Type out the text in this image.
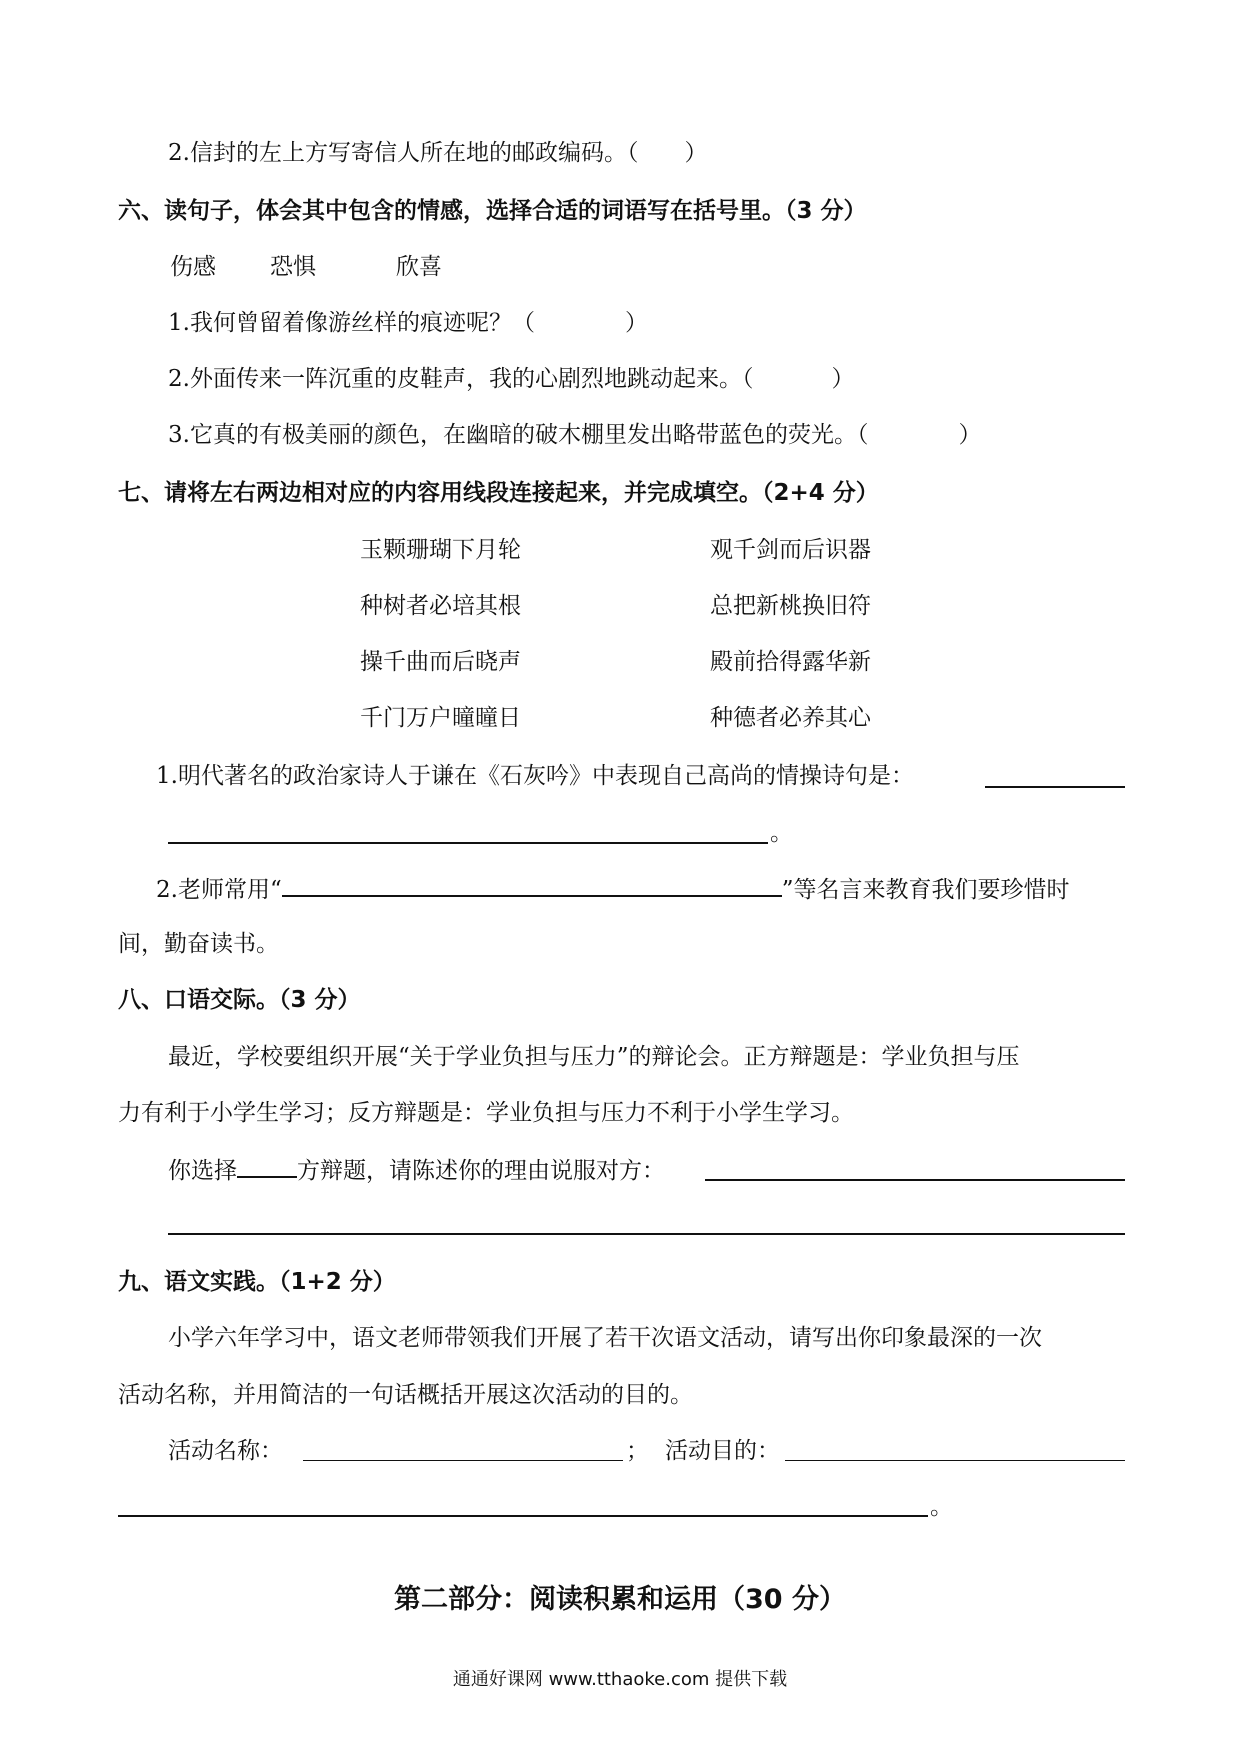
2.信封的左上方写寄信人所在地的邮政编码。（　　）
六、读句子，体会其中包含的情感，选择合适的词语写在括号里。（3 分）
伤感 恐惧	欣喜
1.我何曾留着像游丝样的痕迹呢？（	）
2.外面传来一阵沉重的皮鞋声，我的心剧烈地跳动起来。（	）
3.它真的有极美丽的颜色，在幽暗的破木棚里发出略带蓝色的荧光。（	）
七、请将左右两边相对应的内容用线段连接起来，并完成填空。（2+4 分）
玉颗珊瑚下月轮	观千剑而后识器
种树者必培其根	总把新桃换旧符
操千曲而后晓声	殿前拾得露华新
千门万户曈曈日	种德者必养其心
1.明代著名的政治家诗人于谦在《石灰吟》中表现自己高尚的情操诗句是：
。
2.老师常用“	”等名言来教育我们要珍惜时
间，勤奋读书。
八、口语交际。（3 分）
最近，学校要组织开展“关于学业负担与压力”的辩论会。正方辩题是：学业负担与压
力有利于小学生学习；反方辩题是：学业负担与压力不利于小学生学习。
你选择	方辩题，请陈述你的理由说服对方：
九、语文实践。（1+2 分）
小学六年学习中，语文老师带领我们开展了若干次语文活动，请写出你印象最深的一次
活动名称，并用简洁的一句话概括开展这次活动的目的。
活动名称：	； 活动目的：
。
第二部分：阅读积累和运用（30 分）
通通好课网 www.tthaoke.com 提供下载
